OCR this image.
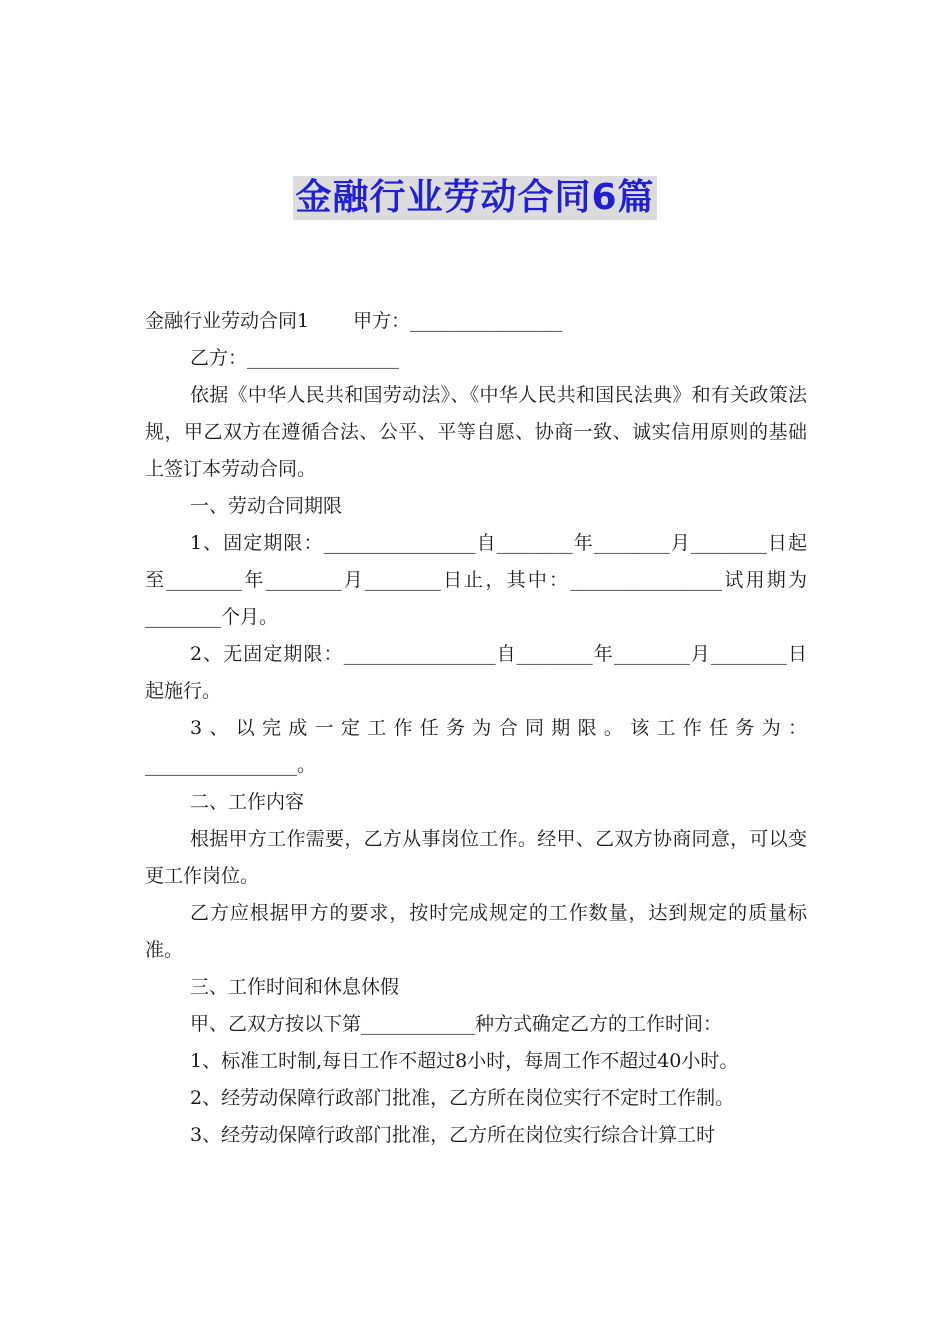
金融行业劳动合同6篇

金融行业劳动合同1 甲方：________________

乙方：________________

依据《中华人民共和国劳动法》、《中华人民共和国民法典》和有关政策法规，甲乙双方在遵循合法、公平、平等自愿、协商一致、诚实信用原则的基础上签订本劳动合同。

一、劳动合同期限

1、固定期限：________________自________年________月________日起至________年________月________日止，其中：________________试用期为________个月。

2、无固定期限：________________自________年________月________日起施行。

3、以完成一定工作任务为合同期限。该工作任务为：________________。

二、工作内容

根据甲方工作需要，乙方从事岗位工作。经甲、乙双方协商同意，可以变更工作岗位。

乙方应根据甲方的要求，按时完成规定的工作数量，达到规定的质量标准。

三、工作时间和休息休假

甲、乙双方按以下第____________种方式确定乙方的工作时间：

1、标准工时制,每日工作不超过8小时，每周工作不超过40小时。

2、经劳动保障行政部门批准，乙方所在岗位实行不定时工作制。

3、经劳动保障行政部门批准，乙方所在岗位实行综合计算工时
